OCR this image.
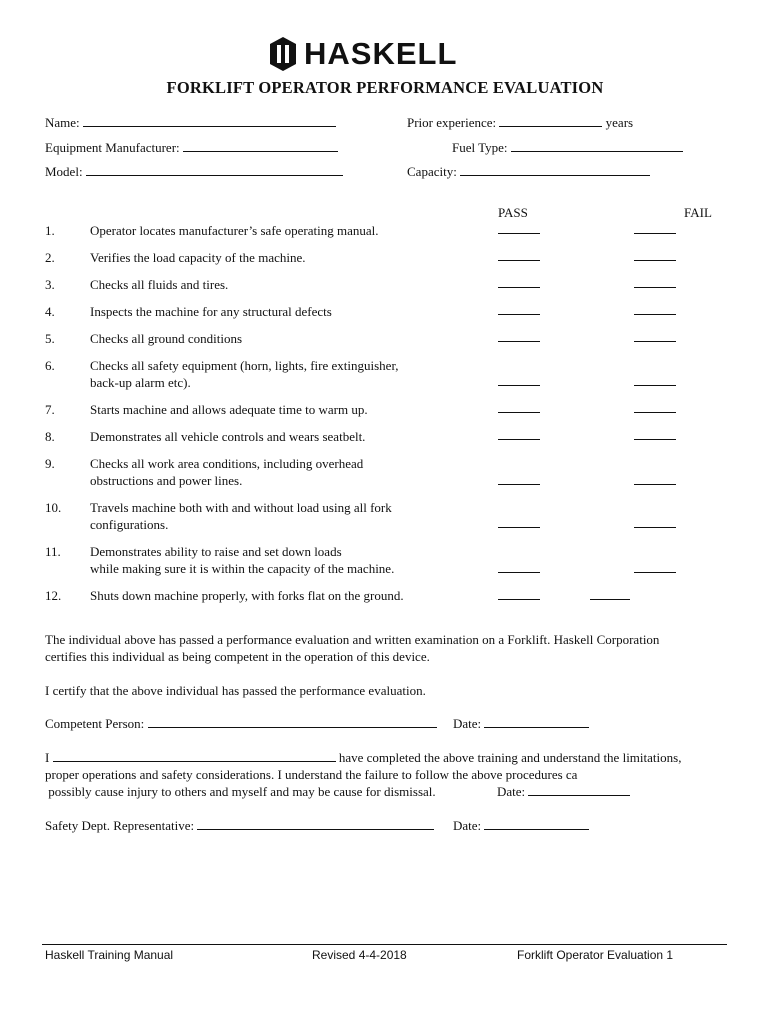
HASKELL
FORKLIFT OPERATOR PERFORMANCE EVALUATION
Name:	Prior experience:	years
Equipment Manufacturer:	Fuel Type:
Model:	Capacity:
PASS	FAIL
1.	Operator locates manufacturer’s safe operating manual.
2.	Verifies the load capacity of the machine.
3.	Checks all fluids and tires.
4.	Inspects the machine for any structural defects
5.	Checks all ground conditions
6.	Checks all safety equipment (horn, lights, fire extinguisher,
back-up alarm etc).
7.	Starts machine and allows adequate time to warm up.
8.	Demonstrates all vehicle controls and wears seatbelt.
9.	Checks all work area conditions, including overhead
obstructions and power lines.
10. Travels machine both with and without load using all fork
configurations.
11. Demonstrates ability to raise and set down loads
while making sure it is within the capacity of the machine.
12. Shuts down machine properly, with forks flat on the ground.
The individual above has passed a performance evaluation and written examination on a Forklift. Haskell Corporation
certifies this individual as being competent in the operation of this device.
I certify that the above individual has passed the performance evaluation.
Competent Person:	Date:
I	have completed the above training and understand the limitations,
proper operations and safety considerations. I understand the failure to follow the above procedures ca
possibly cause injury to others and myself and may be cause for dismissal.	Date:
Safety Dept. Representative:	Date:
Haskell Training Manual	Revised 4-4-2018	Forklift Operator Evaluation 1
